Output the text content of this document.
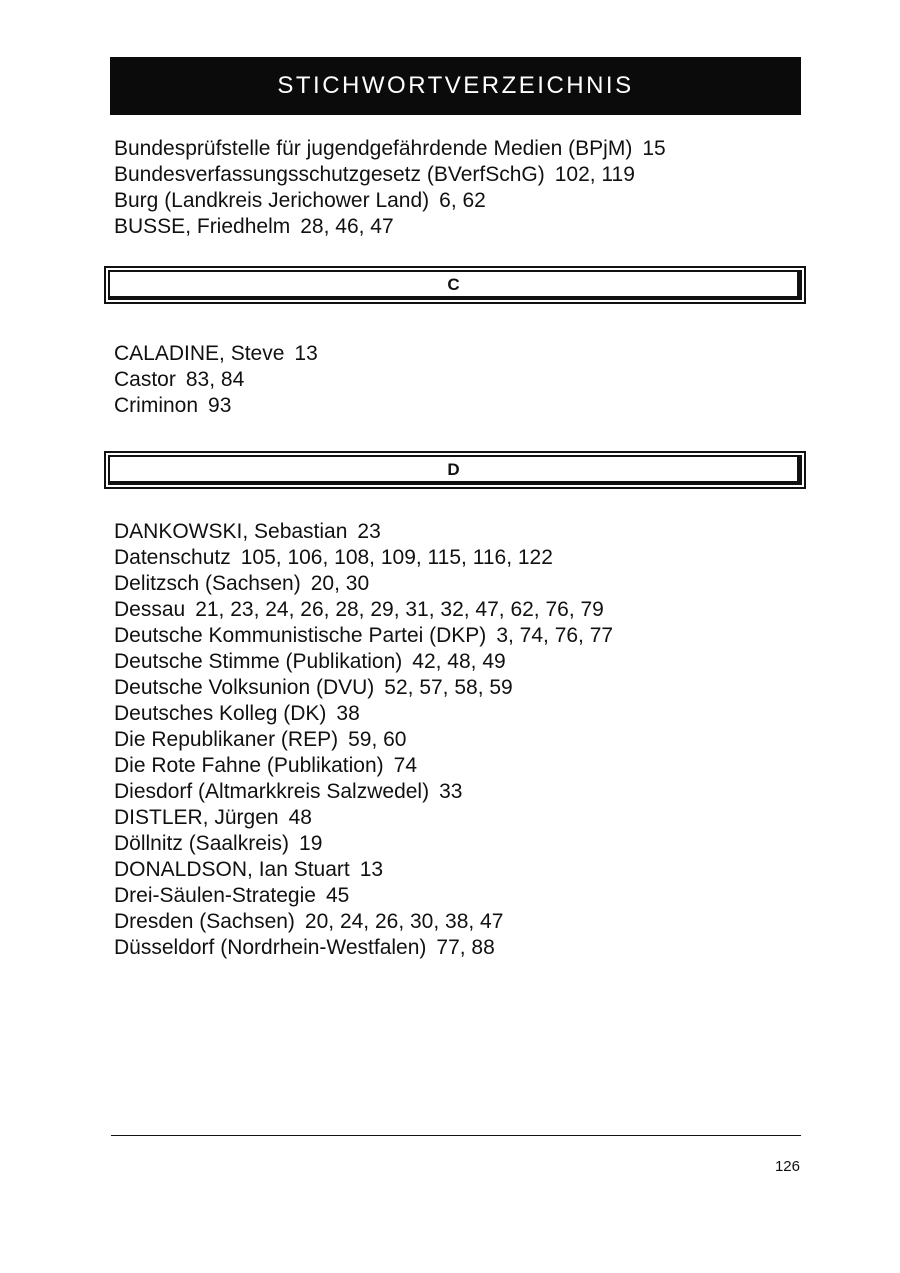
STICHWORTVERZEICHNIS
Bundesprüfstelle für jugendgefährdende Medien (BPjM) 15
Bundesverfassungsschutzgesetz (BVerfSchG) 102, 119
Burg (Landkreis Jerichower Land) 6, 62
BUSSE, Friedhelm 28, 46, 47
C
CALADINE, Steve 13
Castor 83, 84
Criminon 93
D
DANKOWSKI, Sebastian 23
Datenschutz 105, 106, 108, 109, 115, 116, 122
Delitzsch (Sachsen) 20, 30
Dessau 21, 23, 24, 26, 28, 29, 31, 32, 47, 62, 76, 79
Deutsche Kommunistische Partei (DKP) 3, 74, 76, 77
Deutsche Stimme (Publikation) 42, 48, 49
Deutsche Volksunion (DVU) 52, 57, 58, 59
Deutsches Kolleg (DK) 38
Die Republikaner (REP) 59, 60
Die Rote Fahne (Publikation) 74
Diesdorf (Altmarkkreis Salzwedel) 33
DISTLER, Jürgen 48
Döllnitz (Saalkreis) 19
DONALDSON, Ian Stuart 13
Drei-Säulen-Strategie 45
Dresden (Sachsen) 20, 24, 26, 30, 38, 47
Düsseldorf (Nordrhein-Westfalen) 77, 88
126
